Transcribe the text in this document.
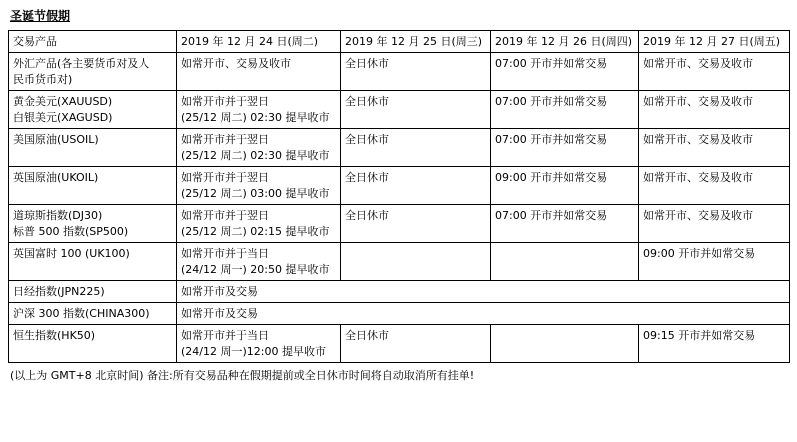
圣诞节假期
交易产品	2019 年 12 月 24 日(周二)	2019 年 12 月 25 日(周三)	2019 年 12 月 26 日(周四)	2019 年 12 月 27 日(周五)

外汇产品(各主要货币对及人
民币货币对)	如常开市、交易及收市	全日休市	07:00 开市并如常交易	如常开市、交易及收市

黄金美元(XAUUSD)
白银美元(XAGUSD)	如常开市并于翌日
(25/12 周二) 02:30 提早收市	全日休市	07:00 开市并如常交易	如常开市、交易及收市

美国原油(USOIL)	如常开市并于翌日
(25/12 周二) 02:30 提早收市	全日休市	07:00 开市并如常交易	如常开市、交易及收市

英国原油(UKOIL)	如常开市并于翌日
(25/12 周二) 03:00 提早收市	全日休市	09:00 开市并如常交易	如常开市、交易及收市

道琼斯指数(DJ30)
标普 500 指数(SP500)	如常开市并于翌日
(25/12 周二) 02:15 提早收市	全日休市	07:00 开市并如常交易	如常开市、交易及收市

英国富时 100 (UK100)	如常开市并于当日
(24/12 周一) 20:50 提早收市			09:00 开市并如常交易

日经指数(JPN225)	如常开市及交易			

沪深 300 指数(CHINA300)	如常开市及交易			

恒生指数(HK50)	如常开市并于当日
(24/12 周一)12:00 提早收市	全日休市		09:15 开市并如常交易
(以上为 GMT+8 北京时间) 备注:所有交易品种在假期提前或全日休市时间将自动取消所有挂单!
